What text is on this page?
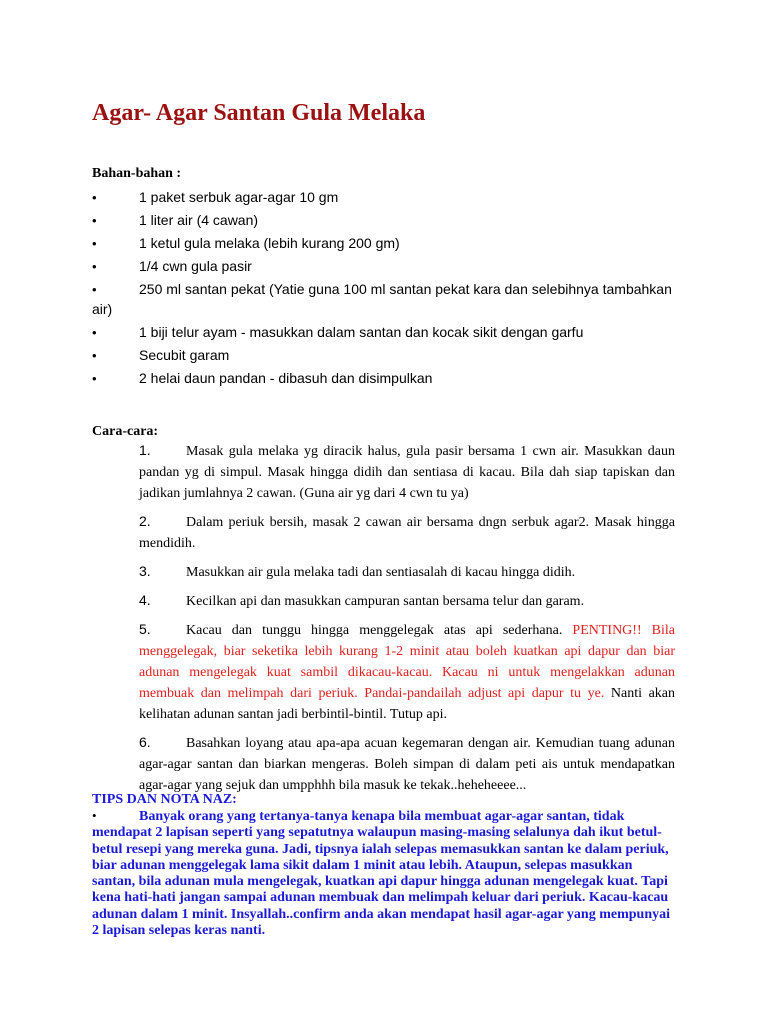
Agar- Agar Santan Gula Melaka
Bahan-bahan :
•	1 paket serbuk agar-agar 10 gm
•	1 liter air (4 cawan)
•	1 ketul gula melaka (lebih kurang 200 gm)
•	1/4 cwn gula pasir
•	250 ml santan pekat (Yatie guna 100 ml santan pekat kara dan selebihnya tambahkan air)
•	1 biji telur ayam - masukkan dalam santan dan kocak sikit dengan garfu
•	Secubit garam
•	2 helai daun pandan - dibasuh dan disimpulkan
Cara-cara:
1.	Masak gula melaka yg diracik halus, gula pasir bersama 1 cwn air. Masukkan daun pandan yg di simpul. Masak hingga didih dan sentiasa di kacau. Bila dah siap tapiskan dan jadikan jumlahnya 2 cawan. (Guna air yg dari 4 cwn tu ya)
2.	Dalam periuk bersih, masak 2 cawan air bersama dngn serbuk agar2. Masak hingga mendidih.
3.	Masukkan air gula melaka tadi dan sentiasalah di kacau hingga didih.
4.	Kecilkan api dan masukkan campuran santan bersama telur dan garam.
5.	Kacau dan tunggu hingga menggelegak atas api sederhana. PENTING!! Bila menggelegak, biar seketika lebih kurang 1-2 minit atau boleh kuatkan api dapur dan biar adunan mengelegak kuat sambil dikacau-kacau. Kacau ni untuk mengelakkan adunan membuak dan melimpah dari periuk. Pandai-pandailah adjust api dapur tu ye. Nanti akan kelihatan adunan santan jadi berbintil-bintil. Tutup api.
6.	Basahkan loyang atau apa-apa acuan kegemaran dengan air. Kemudian tuang adunan agar-agar santan dan biarkan mengeras. Boleh simpan di dalam peti ais untuk mendapatkan agar-agar yang sejuk dan umpphhh bila masuk ke tekak..heheheeee...
TIPS DAN NOTA NAZ:

•	Banyak orang yang tertanya-tanya kenapa bila membuat agar-agar santan, tidak mendapat 2 lapisan seperti yang sepatutnya walaupun masing-masing selalunya dah ikut betul-betul resepi yang mereka guna. Jadi, tipsnya ialah selepas memasukkan santan ke dalam periuk, biar adunan menggelegak lama sikit dalam 1 minit atau lebih. Ataupun, selepas masukkan santan, bila adunan mula mengelegak, kuatkan api dapur hingga adunan mengelegak kuat. Tapi kena hati-hati jangan sampai adunan membuak dan melimpah keluar dari periuk. Kacau-kacau adunan dalam 1 minit. Insyallah..confirm anda akan mendapat hasil agar-agar yang mempunyai 2 lapisan selepas keras nanti.
